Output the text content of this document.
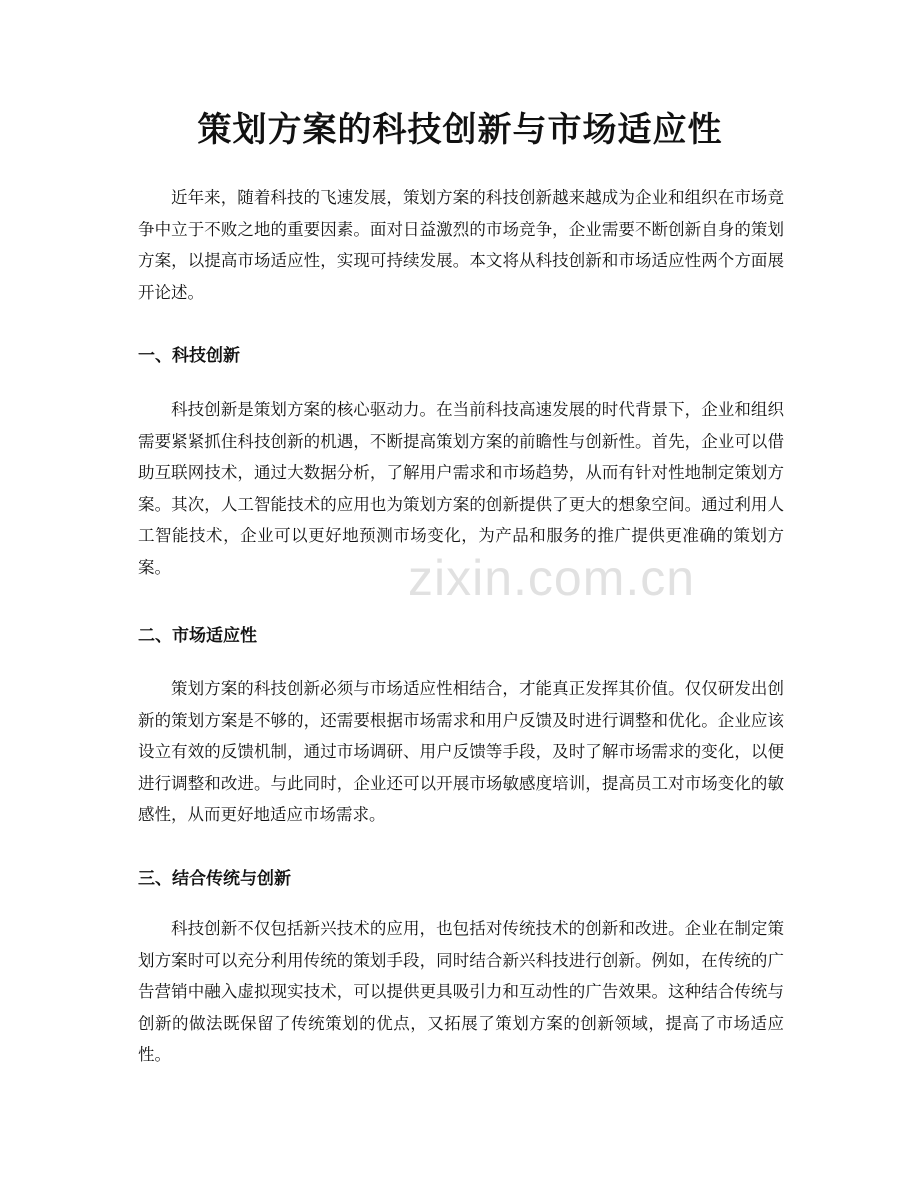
策划方案的科技创新与市场适应性

近年来，随着科技的飞速发展，策划方案的科技创新越来越成为企业和组织在市场竞争中立于不败之地的重要因素。面对日益激烈的市场竞争，企业需要不断创新自身的策划方案，以提高市场适应性，实现可持续发展。本文将从科技创新和市场适应性两个方面展开论述。

一、科技创新

科技创新是策划方案的核心驱动力。在当前科技高速发展的时代背景下，企业和组织需要紧紧抓住科技创新的机遇，不断提高策划方案的前瞻性与创新性。首先，企业可以借助互联网技术，通过大数据分析，了解用户需求和市场趋势，从而有针对性地制定策划方案。其次，人工智能技术的应用也为策划方案的创新提供了更大的想象空间。通过利用人工智能技术，企业可以更好地预测市场变化，为产品和服务的推广提供更准确的策划方案。

二、市场适应性

策划方案的科技创新必须与市场适应性相结合，才能真正发挥其价值。仅仅研发出创新的策划方案是不够的，还需要根据市场需求和用户反馈及时进行调整和优化。企业应该设立有效的反馈机制，通过市场调研、用户反馈等手段，及时了解市场需求的变化，以便进行调整和改进。与此同时，企业还可以开展市场敏感度培训，提高员工对市场变化的敏感性，从而更好地适应市场需求。

三、结合传统与创新

科技创新不仅包括新兴技术的应用，也包括对传统技术的创新和改进。企业在制定策划方案时可以充分利用传统的策划手段，同时结合新兴科技进行创新。例如，在传统的广告营销中融入虚拟现实技术，可以提供更具吸引力和互动性的广告效果。这种结合传统与创新的做法既保留了传统策划的优点，又拓展了策划方案的创新领域，提高了市场适应性。

zixin.com.cn
